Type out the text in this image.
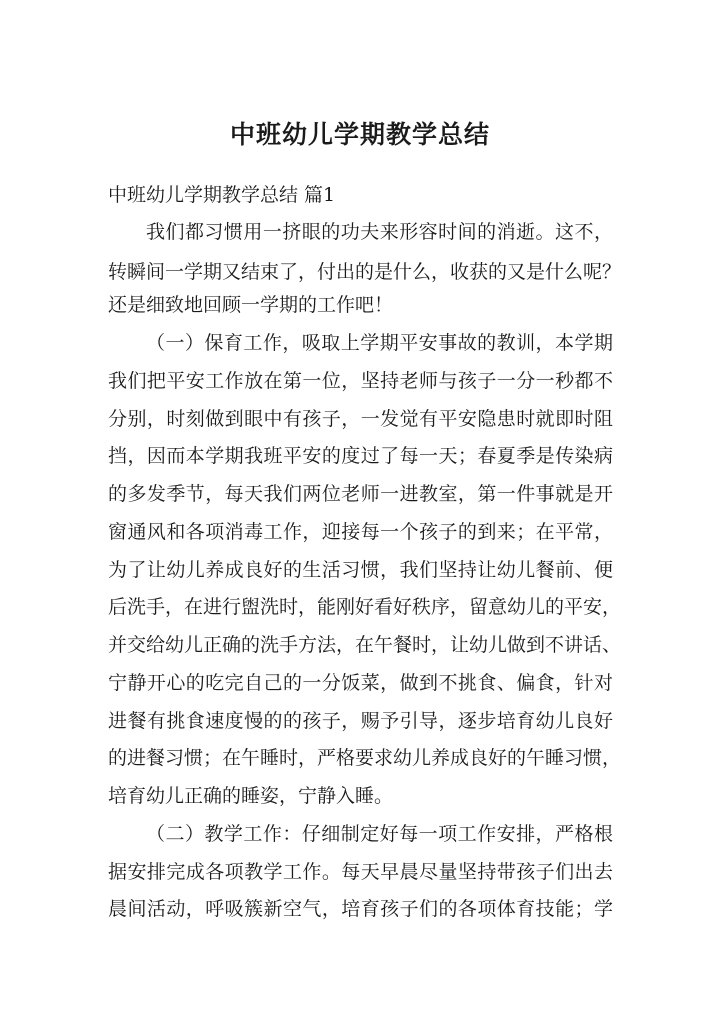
中班幼儿学期教学总结

中班幼儿学期教学总结 篇1

我们都习惯用一挤眼的功夫来形容时间的消逝。这不，

转瞬间一学期又结束了，付出的是什么，收获的又是什么呢？

还是细致地回顾一学期的工作吧！

（一）保育工作，吸取上学期平安事故的教训，本学期

我们把平安工作放在第一位，坚持老师与孩子一分一秒都不

分别，时刻做到眼中有孩子，一发觉有平安隐患时就即时阻

挡，因而本学期我班平安的度过了每一天；春夏季是传染病

的多发季节，每天我们两位老师一进教室，第一件事就是开

窗通风和各项消毒工作，迎接每一个孩子的到来；在平常，

为了让幼儿养成良好的生活习惯，我们坚持让幼儿餐前、便

后洗手，在进行盥洗时，能刚好看好秩序，留意幼儿的平安，

并交给幼儿正确的洗手方法，在午餐时，让幼儿做到不讲话、

宁静开心的吃完自己的一分饭菜，做到不挑食、偏食，针对

进餐有挑食速度慢的的孩子，赐予引导，逐步培育幼儿良好

的进餐习惯；在午睡时，严格要求幼儿养成良好的午睡习惯，

培育幼儿正确的睡姿，宁静入睡。

（二）教学工作：仔细制定好每一项工作安排，严格根

据安排完成各项教学工作。每天早晨尽量坚持带孩子们出去

晨间活动，呼吸簇新空气，培育孩子们的各项体育技能；学
